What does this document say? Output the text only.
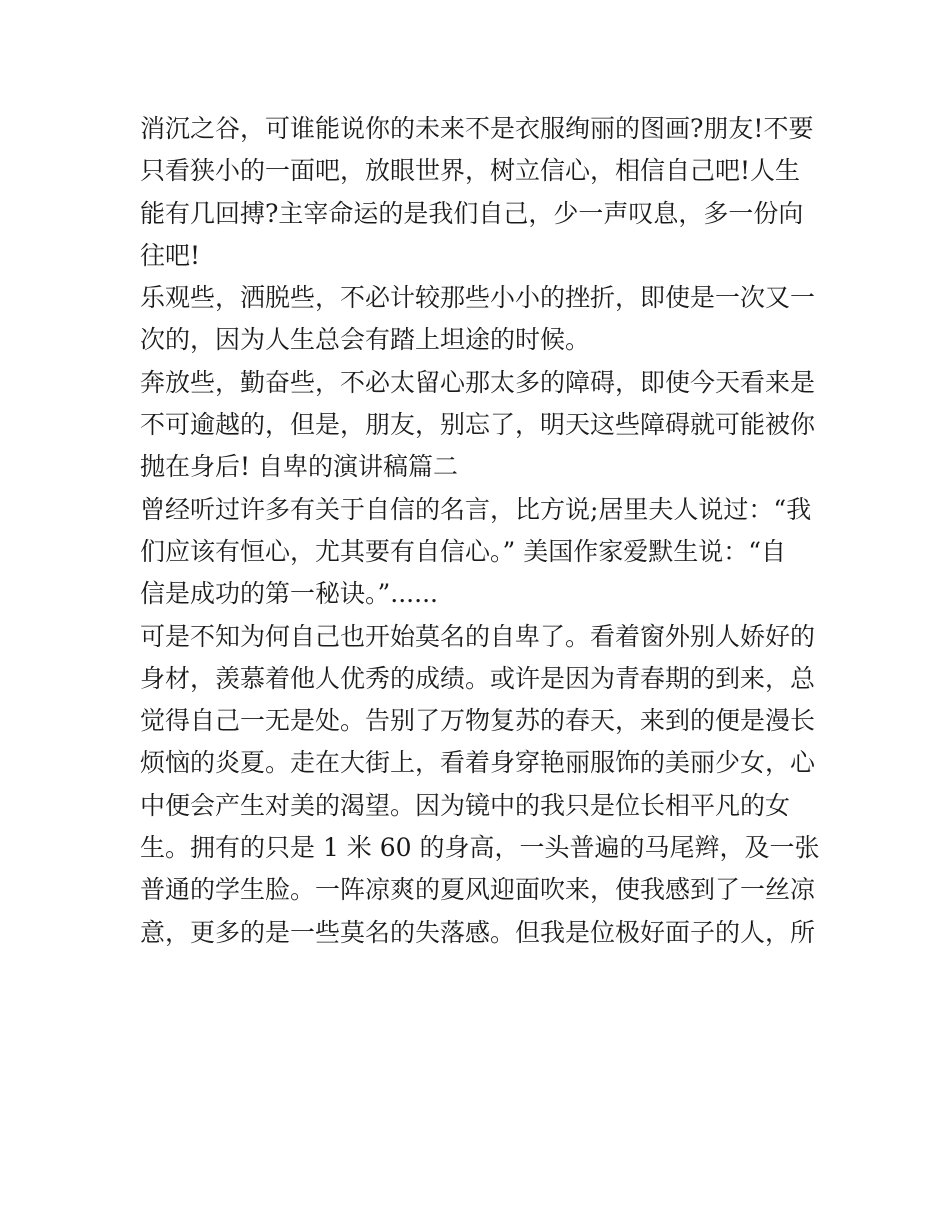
消沉之谷，可谁能说你的未来不是衣服绚丽的图画?朋友!不要
只看狭小的一面吧，放眼世界，树立信心，相信自己吧!人生
能有几回搏?主宰命运的是我们自己，少一声叹息，多一份向
往吧!
乐观些，洒脱些，不必计较那些小小的挫折，即使是一次又一
次的，因为人生总会有踏上坦途的时候。
奔放些，勤奋些，不必太留心那太多的障碍，即使今天看来是
不可逾越的，但是，朋友，别忘了，明天这些障碍就可能被你
抛在身后! 自卑的演讲稿篇二
曾经听过许多有关于自信的名言，比方说;居里夫人说过：“我
们应该有恒心，尤其要有自信心。” 美国作家爱默生说：“自
信是成功的第一秘诀。”......
可是不知为何自己也开始莫名的自卑了。看着窗外别人娇好的
身材，羡慕着他人优秀的成绩。或许是因为青春期的到来，总
觉得自己一无是处。告别了万物复苏的春天，来到的便是漫长
烦恼的炎夏。走在大街上，看着身穿艳丽服饰的美丽少女，心
中便会产生对美的渴望。因为镜中的我只是位长相平凡的女
生。拥有的只是 1 米 60 的身高，一头普遍的马尾辫，及一张
普通的学生脸。一阵凉爽的夏风迎面吹来，使我感到了一丝凉
意，更多的是一些莫名的失落感。但我是位极好面子的人，所
